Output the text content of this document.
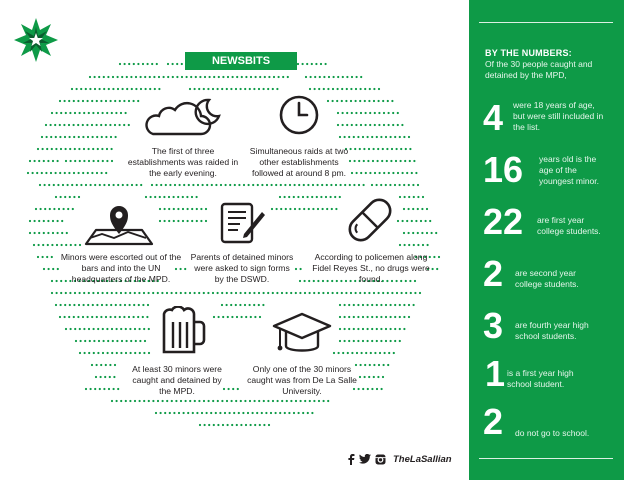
NEWSBITS
The first of three establishments was raided in the early evening.
Simultaneous raids at two other establishments followed at around 8 pm.
Minors were escorted out of the bars and into the UN headquarters of the MPD.
Parents of detained minors were asked to sign forms by the DSWD.
According to policemen along Fidel Reyes St., no drugs were found.
At least 30 minors were caught and detained by the MPD.
Only one of the 30 minors caught was from De La Salle University.
TheLaSallian
BY THE NUMBERS:
Of the 30 people caught and detained by the MPD,
4 were 18 years of age, but were still included in the list.
16 years old is the age of the youngest minor.
22 are first year college students.
2 are second year college students.
3 are fourth year high school students.
1 is a first year high school student.
2 do not go to school.
